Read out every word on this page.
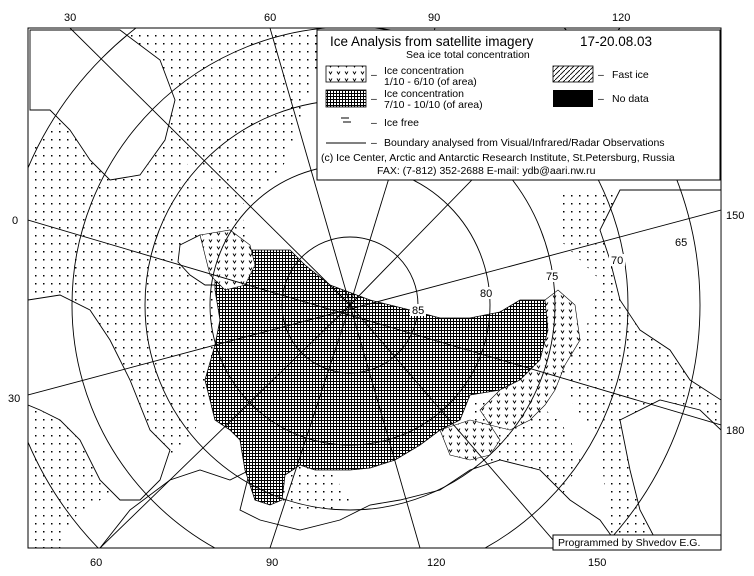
30	60	90	120
0
30
150
180
60	90	120	150
85
80
75
70
65
Ice Analysis from satellite imagery	17-20.08.03
Sea ice total concentration
– Ice concentration
1/10 - 6/10 (of area)
– Ice concentration
7/10 - 10/10 (of area)
– Ice free
– Fast ice
– No data
– Boundary analysed from Visual/Infrared/Radar Observations
(c) Ice Center, Arctic and Antarctic Research Institute, St.Petersburg, Russia
FAX: (7-812) 352-2688 E-mail: ydb@aari.nw.ru
Programmed by Shvedov E.G.
